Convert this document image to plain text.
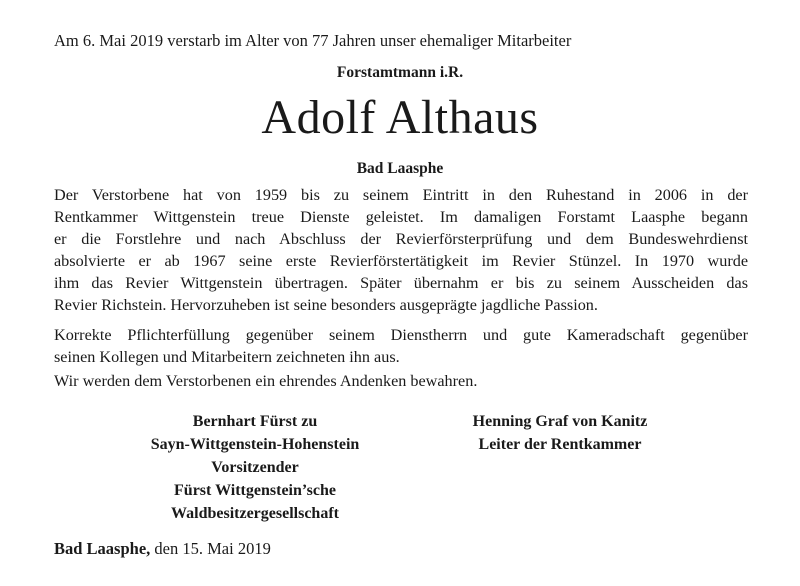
Am 6. Mai 2019 verstarb im Alter von 77 Jahren unser ehemaliger Mitarbeiter
Forstamtmann i.R.
Adolf Althaus
Bad Laasphe
Der Verstorbene hat von 1959 bis zu seinem Eintritt in den Ruhestand in 2006 in der
Rentkammer Wittgenstein treue Dienste geleistet. Im damaligen Forstamt Laasphe begann
er die Forstlehre und nach Abschluss der Revierförsterprüfung und dem Bundeswehrdienst
absolvierte er ab 1967 seine erste Revierförstertätigkeit im Revier Stünzel. In 1970 wurde
ihm das Revier Wittgenstein übertragen. Später übernahm er bis zu seinem Ausscheiden das
Revier Richstein. Hervorzuheben ist seine besonders ausgeprägte jagdliche Passion.
Korrekte Pflichterfüllung gegenüber seinem Dienstherrn und gute Kameradschaft gegenüber
seinen Kollegen und Mitarbeitern zeichneten ihn aus.
Wir werden dem Verstorbenen ein ehrendes Andenken bewahren.
Bernhart Fürst zu
Sayn-Wittgenstein-Hohenstein
Vorsitzender
Fürst Wittgenstein’sche
Waldbesitzergesellschaft
Henning Graf von Kanitz
Leiter der Rentkammer
Bad Laasphe, den 15. Mai 2019
